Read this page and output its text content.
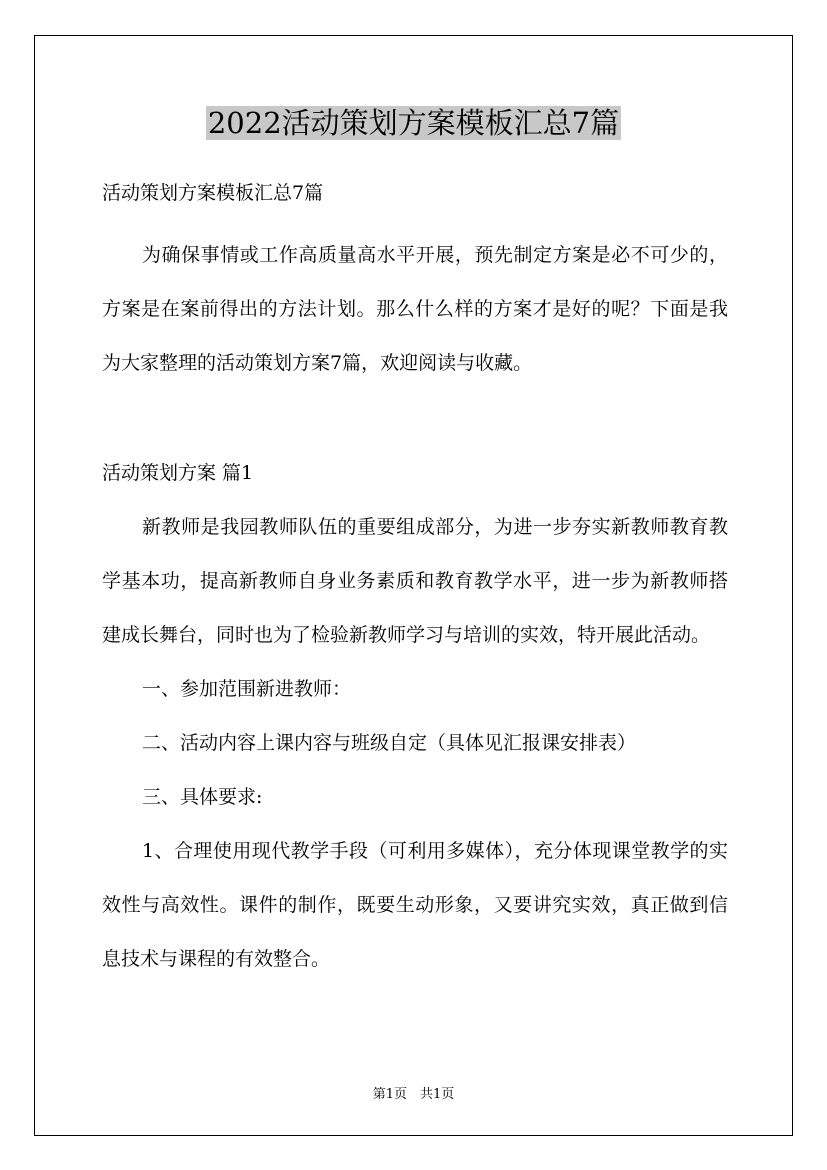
2022活动策划方案模板汇总7篇

活动策划方案模板汇总7篇

为确保事情或工作高质量高水平开展，预先制定方案是必不可少的，方案是在案前得出的方法计划。那么什么样的方案才是好的呢？下面是我为大家整理的活动策划方案7篇，欢迎阅读与收藏。

活动策划方案 篇1

新教师是我园教师队伍的重要组成部分，为进一步夯实新教师教育教学基本功，提高新教师自身业务素质和教育教学水平，进一步为新教师搭建成长舞台，同时也为了检验新教师学习与培训的实效，特开展此活动。

一、参加范围新进教师：

二、活动内容上课内容与班级自定（具体见汇报课安排表）

三、具体要求:

1、合理使用现代教学手段（可利用多媒体），充分体现课堂教学的实效性与高效性。课件的制作，既要生动形象，又要讲究实效，真正做到信息技术与课程的有效整合。

第1页　共1页
